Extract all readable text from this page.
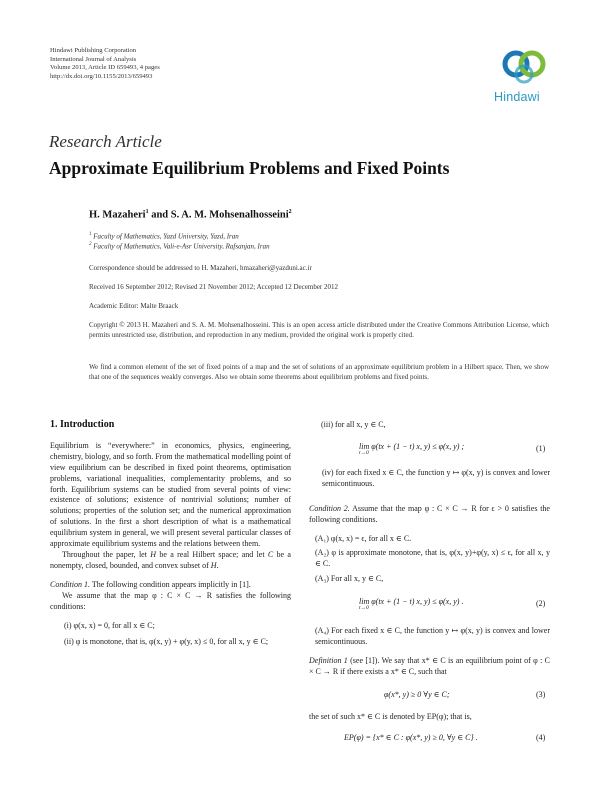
Hindawi Publishing Corporation
International Journal of Analysis
Volume 2013, Article ID 659493, 4 pages
http://dx.doi.org/10.1155/2013/659493
Hindawi
Research Article
Approximate Equilibrium Problems and Fixed Points
H. Mazaheri$^1$ and S. A. M. Mohsenalhosseini$^2$
$^1$ Faculty of Mathematics, Yazd University, Yazd, Iran
$^2$ Faculty of Mathematics, Vali-e-Asr University, Rafsanjan, Iran
Correspondence should be addressed to H. Mazaheri, hmazaheri@yazduni.ac.ir
Received 16 September 2012; Revised 21 November 2012; Accepted 12 December 2012
Academic Editor: Malte Braack
Copyright © 2013 H. Mazaheri and S. A. M. Mohsenalhosseini. This is an open access article distributed under the Creative Commons Attribution License, which permits unrestricted use, distribution, and reproduction in any medium, provided the original work is properly cited.
We find a common element of the set of fixed points of a map and the set of solutions of an approximate equilibrium problem in a Hilbert space. Then, we show that one of the sequences weakly converges. Also we obtain some theorems about equilibrium problems and fixed points.

1. Introduction

Equilibrium is “everywhere:” in economics, physics, engineering, chemistry, biology, and so forth. From the mathematical modelling point of view equilibrium can be described in fixed point theorems, optimisation problems, variational inequalities, complementarity problems, and so forth. Equilibrium systems can be studied from several points of view: existence of solutions; existence of nontrivial solutions; number of solutions; properties of the solution set; and the numerical approximation of solutions. In the first a short description of what is a mathematical equilibrium system in general, we will present several particular classes of approximate equilibrium systems and the relations between them.

Throughout the paper, let H be a real Hilbert space; and let C be a nonempty, closed, bounded, and convex subset of H.

Condition 1. The following condition appears implicitly in [1].

We assume that the map φ : C × C → R satisfies the following conditions:

(i) φ(x, x) = 0, for all x ∈ C;

(ii) φ is monotone, that is, φ(x, y) + φ(y, x) ≤ 0, for all x, y ∈ C;

(iii) for all x, y ∈ C,

lim φ(tx + (1 − t) x, y) ≤ φ(x, y) ;
t→0	(1)
(iv) for each fixed x ∈ C, the function y ↦ φ(x, y) is convex and lower semicontinuous.

Condition 2. Assume that the map φ : C × C → R for ϵ > 0 satisfies the following conditions.

(A₁) φ(x, x) = ϵ, for all x ∈ C.
(A₂) φ is approximate monotone, that is, φ(x, y)+φ(y, x) ≤ ϵ, for all x, y ∈ C.
(A₃) For all x, y ∈ C,
lim φ(tx + (1 − t) x, y) ≤ φ(x, y) .
t→0	(2)
(A₄) For each fixed x ∈ C, the function y ↦ φ(x, y) is convex and lower semicontinuous.

Definition 1 (see [1]). We say that x* ∈ C is an equilibrium point of φ : C × C → R if there exists a x* ∈ C, such that

φ(x*, y) ≥ 0 ∀y ∈ C;	(3)
the set of such x* ∈ C is denoted by EP(φ); that is,
EP(φ) = {x* ∈ C : φ(x*, y) ≥ 0, ∀y ∈ C} .	(4)
